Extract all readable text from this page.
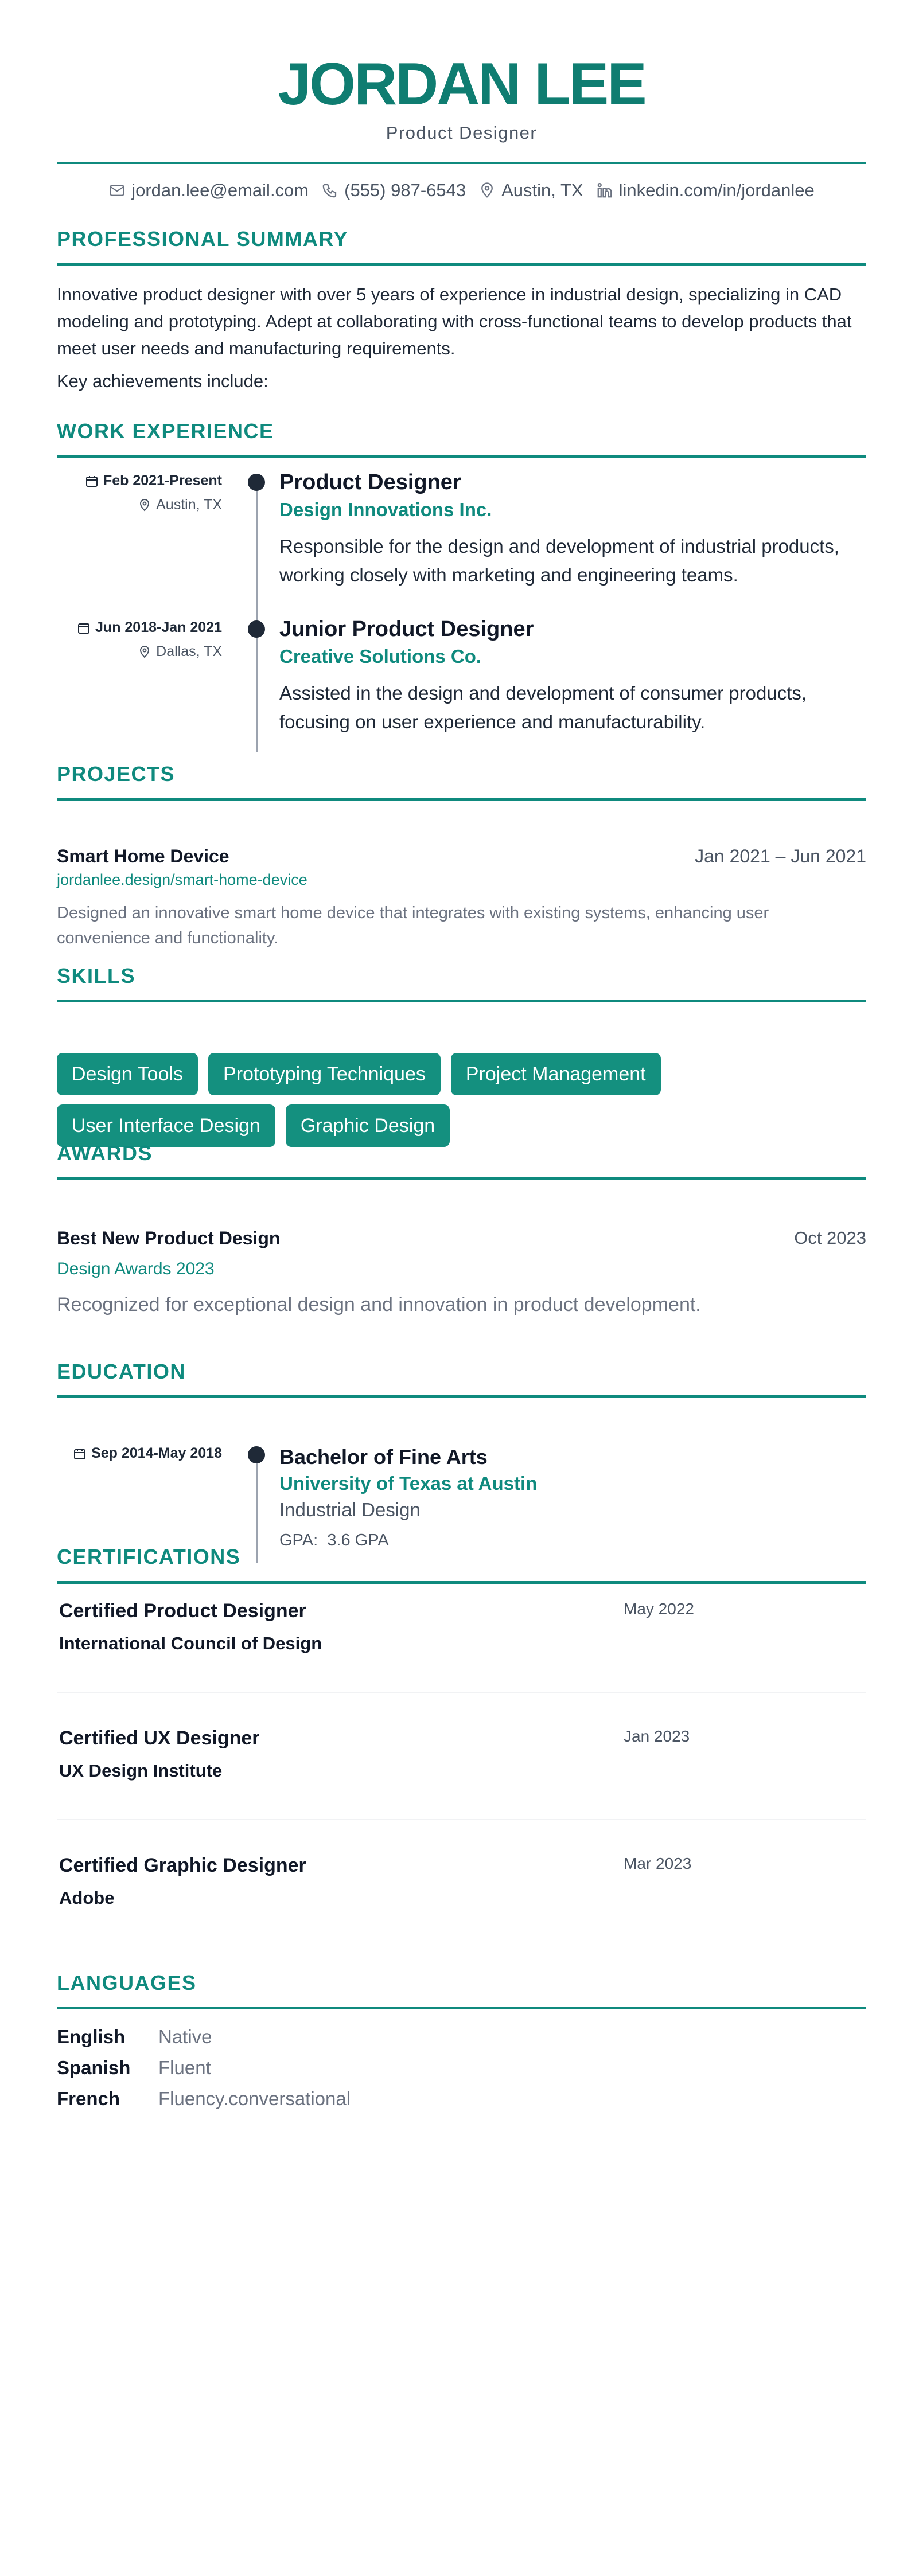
JORDAN LEE
Product Designer
jordan.lee@email.com (555) 987-6543 Austin, TX linkedin.com/in/jordanlee
PROFESSIONAL SUMMARY
Innovative product designer with over 5 years of experience in industrial design, specializing in CAD modeling and prototyping. Adept at collaborating with cross-functional teams to develop products that meet user needs and manufacturing requirements.
Key achievements include:
WORK EXPERIENCE
Feb 2021-Present
Austin, TX
Product Designer
Design Innovations Inc.
Responsible for the design and development of industrial products, working closely with marketing and engineering teams.
Jun 2018-Jan 2021
Dallas, TX
Junior Product Designer
Creative Solutions Co.
Assisted in the design and development of consumer products, focusing on user experience and manufacturability.
PROJECTS
Smart Home Device	Jan 2021 – Jun 2021
jordanlee.design/smart-home-device
Designed an innovative smart home device that integrates with existing systems, enhancing user convenience and functionality.
SKILLS
Design Tools	Prototyping Techniques	Project Management
User Interface Design	Graphic Design
AWARDS
Best New Product Design	Oct 2023
Design Awards 2023
Recognized for exceptional design and innovation in product development.
EDUCATION
Sep 2014-May 2018	Bachelor of Fine Arts
University of Texas at Austin
Industrial Design
GPA: 3.6 GPA
CERTIFICATIONS
Certified Product Designer	May 2022
International Council of Design
Certified UX Designer	Jan 2023
UX Design Institute
Certified Graphic Designer	Mar 2023
Adobe
LANGUAGES
English Native
Spanish Fluent
French Fluency.conversational
